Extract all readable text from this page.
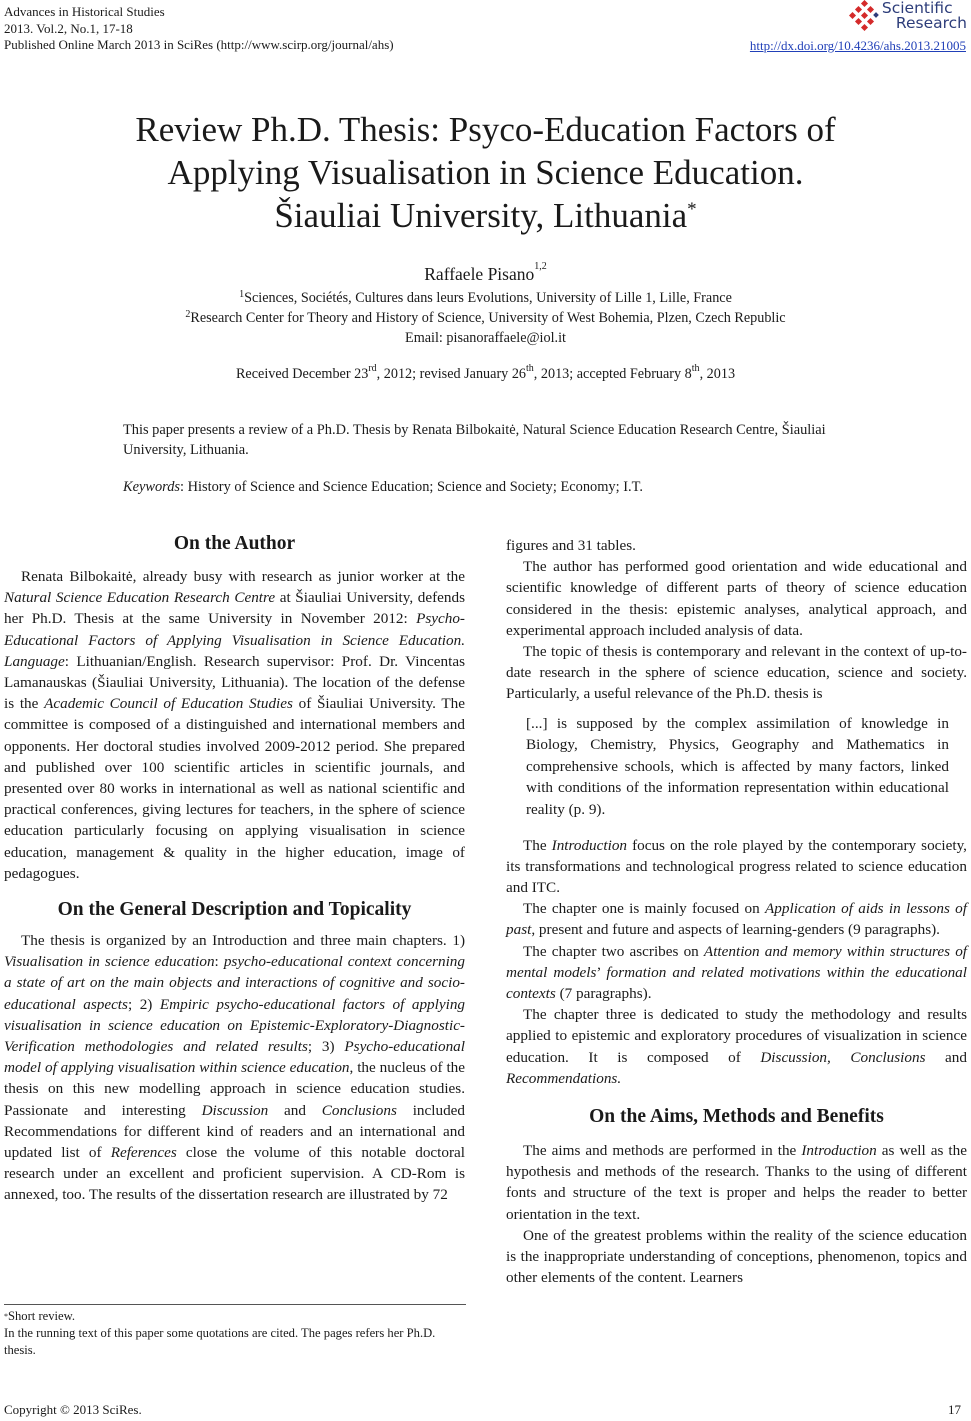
Advances in Historical Studies
2013. Vol.2, No.1, 17-18
Published Online March 2013 in SciRes (http://www.scirp.org/journal/ahs)
Scientific
Research
http://dx.doi.org/10.4236/ahs.2013.21005
Review Ph.D. Thesis: Psyco-Education Factors of
Applying Visualisation in Science Education.
Šiauliai University, Lithuania*
Raffaele Pisano$^{1,2}$
$^1$Sciences, Sociétés, Cultures dans leurs Evolutions, University of Lille 1, Lille, France
$^2$Research Center for Theory and History of Science, University of West Bohemia, Plzen, Czech Republic
Email: pisanoraffaele@iol.it
Received December 23rd, 2012; revised January 26th, 2013; accepted February 8th, 2013
This paper presents a review of a Ph.D. Thesis by Renata Bilbokaitė, Natural Science Education Research Centre, Šiauliai University, Lithuania.
Keywords: History of Science and Science Education; Science and Society; Economy; I.T.
On the Author

Renata Bilbokaitė, already busy with research as junior worker at the Natural Science Education Research Centre at Šiauliai University, defends her Ph.D. Thesis at the same University in November 2012: Psycho-Educational Factors of Applying Visualisation in Science Education. Language: Lithuanian/English. Research supervisor: Prof. Dr. Vincentas Lamanauskas (Šiauliai University, Lithuania). The location of the defense is the Academic Council of Education Studies of Šiauliai University. The committee is composed of a distinguished and international members and opponents. Her doctoral studies involved 2009-2012 period. She prepared and published over 100 scientific articles in scientific journals, and presented over 80 works in international as well as national scientific and practical conferences, giving lectures for teachers, in the sphere of science education particularly focusing on applying visualisation in science education, management & quality in the higher education, image of pedagogues.

On the General Description and Topicality

The thesis is organized by an Introduction and three main chapters. 1) Visualisation in science education: psycho-educational context concerning a state of art on the main objects and interactions of cognitive and socio-educational aspects; 2) Empiric psycho-educational factors of applying visualisation in science education on Epistemic-Exploratory-Diagnostic-Verification methodologies and related results; 3) Psycho-educational model of applying visualisation within science education, the nucleus of the thesis on this new modelling approach in science education studies. Passionate and interesting Discussion and Conclusions included Recommendations for different kind of readers and an international and updated list of References close the volume of this notable doctoral research under an excellent and proficient supervision. A CD-Rom is annexed, too. The results of the dissertation research are illustrated by 72

figures and 31 tables.

The author has performed good orientation and wide educational and scientific knowledge of different parts of theory of science education considered in the thesis: epistemic analyses, analytical approach, and experimental approach included analysis of data.

The topic of thesis is contemporary and relevant in the context of up-to-date research in the sphere of science education, science and society. Particularly, a useful relevance of the Ph.D. thesis is

[...] is supposed by the complex assimilation of knowledge in Biology, Chemistry, Physics, Geography and Mathematics in comprehensive schools, which is affected by many factors, linked with conditions of the information representation within educational reality (p. 9).

The Introduction focus on the role played by the contemporary society, its transformations and technological progress related to science education and ITC.

The chapter one is mainly focused on Application of aids in lessons of past, present and future and aspects of learning-genders (9 paragraphs).

The chapter two ascribes on Attention and memory within structures of mental models’ formation and related motivations within the educational contexts (7 paragraphs).

The chapter three is dedicated to study the methodology and results applied to epistemic and exploratory procedures of visualization in science education. It is composed of Discussion, Conclusions and Recommendations.

On the Aims, Methods and Benefits

The aims and methods are performed in the Introduction as well as the hypothesis and methods of the research. Thanks to the using of different fonts and structure of the text is proper and helps the reader to better orientation in the text.

One of the greatest problems within the reality of the science education is the inappropriate understanding of conceptions, phenomenon, topics and other elements of the content. Learners

*Short review.
In the running text of this paper some quotations are cited. The pages refers her Ph.D. thesis.
Copyright © 2013 SciRes.	17
